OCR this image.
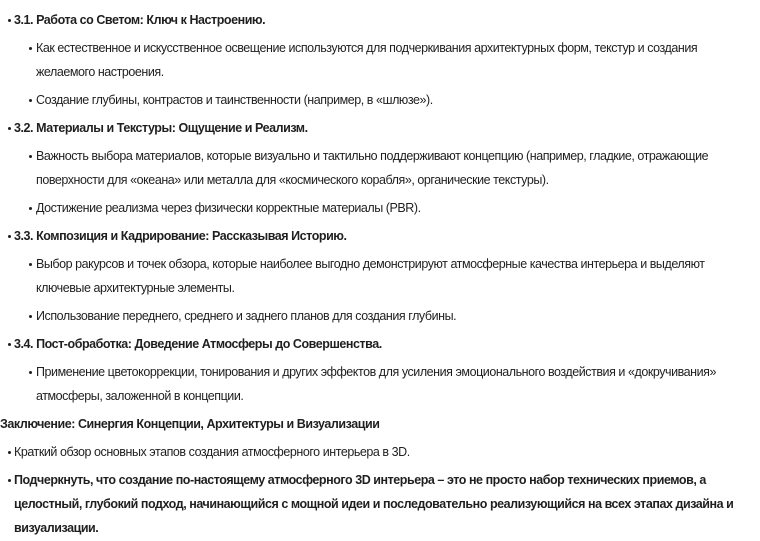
3.1. Работа со Светом: Ключ к Настроению.

Как естественное и искусственное освещение используются для подчеркивания архитектурных форм, текстур и создания желаемого настроения.

Создание глубины, контрастов и таинственности (например, в «шлюзе»).

3.2. Материалы и Текстуры: Ощущение и Реализм.

Важность выбора материалов, которые визуально и тактильно поддерживают концепцию (например, гладкие, отражающие поверхности для «океана» или металла для «космического корабля», органические текстуры).

Достижение реализма через физически корректные материалы (PBR).

3.3. Композиция и Кадрирование: Рассказывая Историю.

Выбор ракурсов и точек обзора, которые наиболее выгодно демонстрируют атмосферные качества интерьера и выделяют ключевые архитектурные элементы.

Использование переднего, среднего и заднего планов для создания глубины.

3.4. Пост-обработка: Доведение Атмосферы до Совершенства.

Применение цветокоррекции, тонирования и других эффектов для усиления эмоционального воздействия и «докручивания» атмосферы, заложенной в концепции.

Заключение: Синергия Концепции, Архитектуры и Визуализации

Краткий обзор основных этапов создания атмосферного интерьера в 3D.

Подчеркнуть, что создание по-настоящему атмосферного 3D интерьера – это не просто набор технических приемов, а целостный, глубокий подход, начинающийся с мощной идеи и последовательно реализующийся на всех этапах дизайна и визуализации.
